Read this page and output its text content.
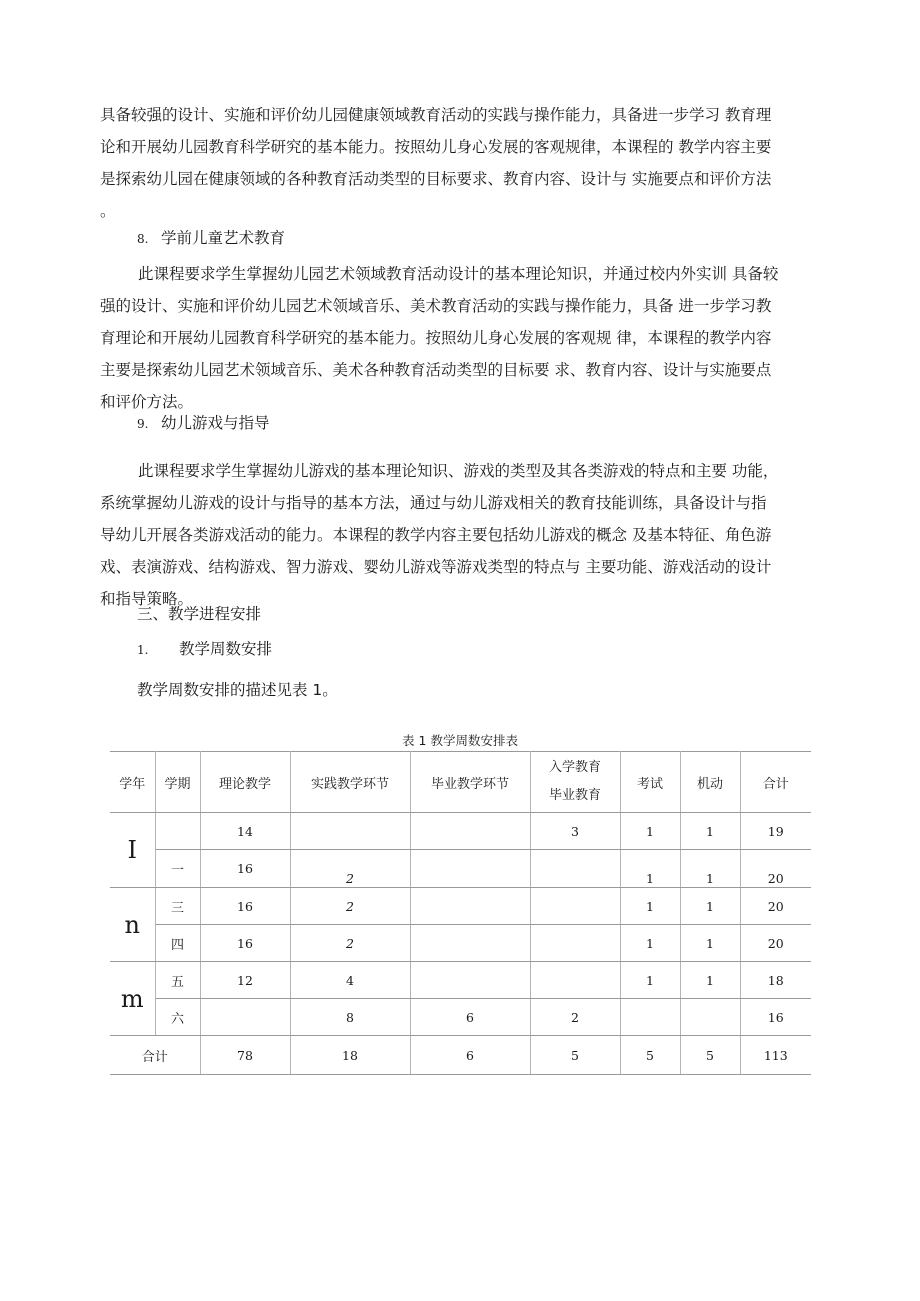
具备较强的设计、实施和评价幼儿园健康领域教育活动的实践与操作能力，具备进一步学习 教育理
论和开展幼儿园教育科学研究的基本能力。按照幼儿身心发展的客观规律，本课程的 教学内容主要
是探索幼儿园在健康领域的各种教育活动类型的目标要求、教育内容、设计与 实施要点和评价方法
。
8. 学前儿童艺术教育
此课程要求学生掌握幼儿园艺术领域教育活动设计的基本理论知识，并通过校内外实训 具备较
强的设计、实施和评价幼儿园艺术领域音乐、美术教育活动的实践与操作能力，具备 进一步学习教
育理论和开展幼儿园教育科学研究的基本能力。按照幼儿身心发展的客观规 律，本课程的教学内容
主要是探索幼儿园艺术领域音乐、美术各种教育活动类型的目标要 求、教育内容、设计与实施要点
和评价方法。
9. 幼儿游戏与指导
此课程要求学生掌握幼儿游戏的基本理论知识、游戏的类型及其各类游戏的特点和主要 功能，
系统掌握幼儿游戏的设计与指导的基本方法，通过与幼儿游戏相关的教育技能训练，具备设计与指
导幼儿开展各类游戏活动的能力。本课程的教学内容主要包括幼儿游戏的概念 及基本特征、角色游
戏、表演游戏、结构游戏、智力游戏、婴幼儿游戏等游戏类型的特点与 主要功能、游戏活动的设计
和指导策略。
三、教学进程安排
1. 教学周数安排
教学周数安排的描述见表 1。
表 1 教学周数安排表
学年	学期	理论教学	实践教学环节	毕业教学环节	入学教育
毕业教育	考试	机动	合计
I		14			3	1	1	19
	一	16	2			1	1	20
n	三	16	2			1	1	20
	四	16	2			1	1	20
m	五	12	4			1	1	18
	六		8	6	2			16
合计		78	18	6	5	5	5	113
